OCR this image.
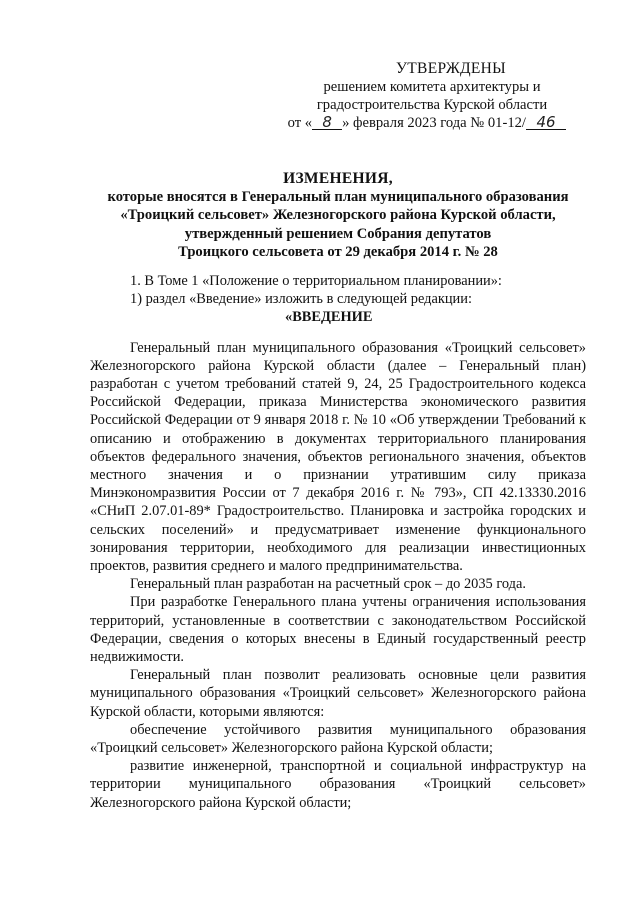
УТВЕРЖДЕНЫ
решением комитета архитектуры и
градостроительства Курской области
от « 8 » февраля 2023 года № 01-12/ 46
ИЗМЕНЕНИЯ,
которые вносятся в Генеральный план муниципального образования
«Троицкий сельсовет» Железногорского района Курской области,
утвержденный решением Собрания депутатов
Троицкого сельсовета от 29 декабря 2014 г. № 28

1. В Томе 1 «Положение о территориальном планировании»:

1) раздел «Введение» изложить в следующей редакции:

«ВВЕДЕНИЕ

Генеральный план муниципального образования «Троицкий сельсовет» Железногорского района Курской области (далее – Генеральный план) разработан с учетом требований статей 9, 24, 25 Градостроительного кодекса Российской Федерации, приказа Министерства экономического развития Российской Федерации от 9 января 2018 г. № 10 «Об утверждении Требований к описанию и отображению в документах территориального планирования объектов федерального значения, объектов регионального значения, объектов местного значения и о признании утратившим силу приказа Минэкономразвития России от 7 декабря 2016 г. № 793», СП 42.13330.2016 «СНиП 2.07.01-89* Градостроительство. Планировка и застройка городских и сельских поселений» и предусматривает изменение функционального зонирования территории, необходимого для реализации инвестиционных проектов, развития среднего и малого предпринимательства.

Генеральный план разработан на расчетный срок – до 2035 года.

При разработке Генерального плана учтены ограничения использования территорий, установленные в соответствии с законодательством Российской Федерации, сведения о которых внесены в Единый государственный реестр недвижимости.

Генеральный план позволит реализовать основные цели развития муниципального образования «Троицкий сельсовет» Железногорского района Курской области, которыми являются:

обеспечение устойчивого развития муниципального образования «Троицкий сельсовет» Железногорского района Курской области;

развитие инженерной, транспортной и социальной инфраструктур на территории муниципального образования «Троицкий сельсовет» Железногорского района Курской области;
